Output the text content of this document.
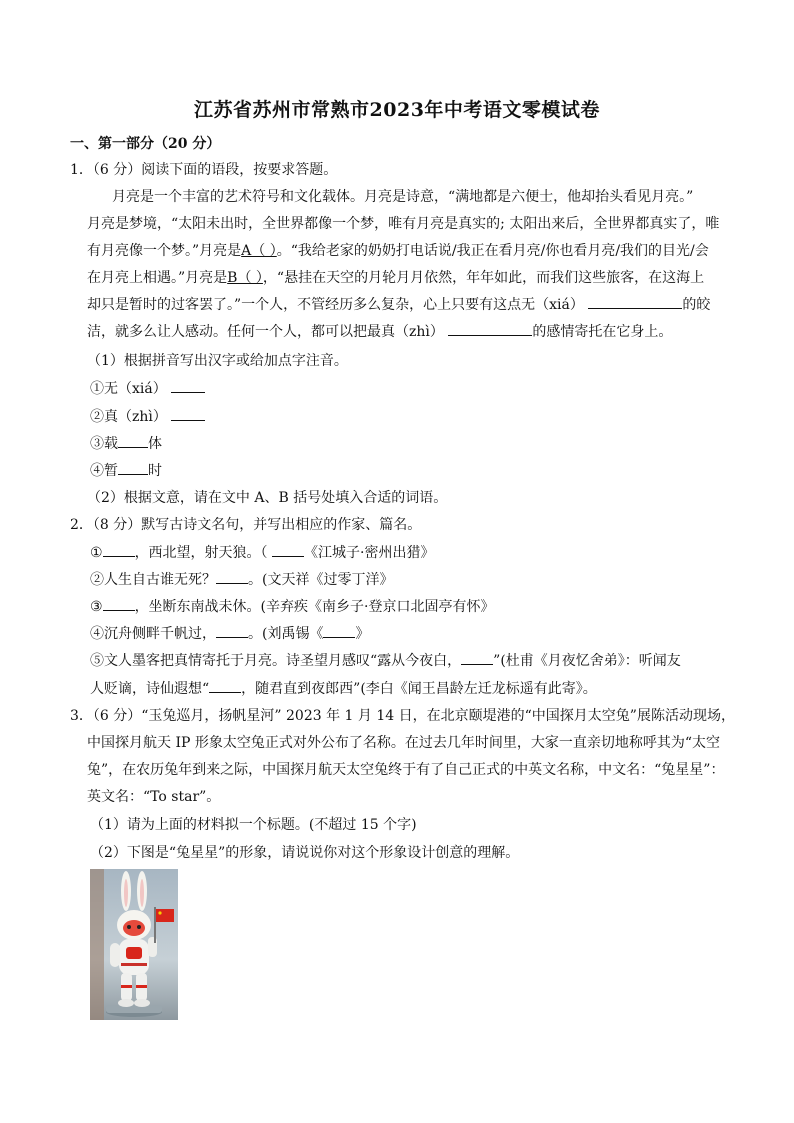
江苏省苏州市常熟市2023年中考语文零模试卷
一、第一部分（20 分）
1．（6 分）阅读下面的语段，按要求答题。
月亮是一个丰富的艺术符号和文化载体。月亮是诗意，“满地都是六便士，他却抬头看见月亮。”
月亮是梦境，“太阳未出时，全世界都像一个梦，唯有月亮是真实的; 太阳出来后，全世界都真实了，唯
有月亮像一个梦。”月亮是A（ ）。“我给老家的奶奶打电话说/我正在看月亮/你也看月亮/我们的目光/会
在月亮上相遇。”月亮是B（ ），“悬挂在天空的月轮月月依然，年年如此，而我们这些旅客，在这海上
却只是暂时的过客罢了。”一个人，不管经历多么复杂，心上只要有这点无（xiá）	的皎
洁，就多么让人感动。任何一个人，都可以把最真（zhì）	的感情寄托在它身上。
（1）根据拼音写出汉字或给加点字注音。
①无（xiá）
②真（zhì）
③载 体
④暂 时
（2）根据文意，请在文中 A、B 括号处填入合适的词语。
2．（8 分）默写古诗文名句，并写出相应的作家、篇名。
① ，西北望，射天狼。（	《江城子·密州出猎》
②人生自古谁无死？ 。(文天祥《过零丁洋》
③ ，坐断东南战未休。(辛弃疾《南乡子·登京口北固亭有怀》
④沉舟侧畔千帆过， 。(刘禹锡《 》
⑤文人墨客把真情寄托于月亮。诗圣望月感叹“露从今夜白， ”(杜甫《月夜忆舍弟》：听闻友
人贬谪，诗仙遐想“ ，随君直到夜郎西”(李白《闻王昌龄左迁龙标遥有此寄》。
3．（6 分）“玉兔巡月，扬帆星河” 2023 年 1 月 14 日，在北京颐堤港的“中国探月太空兔”展陈活动现场，
中国探月航天 IP 形象太空兔正式对外公布了名称。在过去几年时间里，大家一直亲切地称呼其为“太空
兔”，在农历兔年到来之际，中国探月航天太空兔终于有了自己正式的中英文名称，中文名：“兔星星”：
英文名：“To star”。
（1）请为上面的材料拟一个标题。(不超过 15 个字)
（2）下图是“兔星星”的形象，请说说你对这个形象设计创意的理解。
